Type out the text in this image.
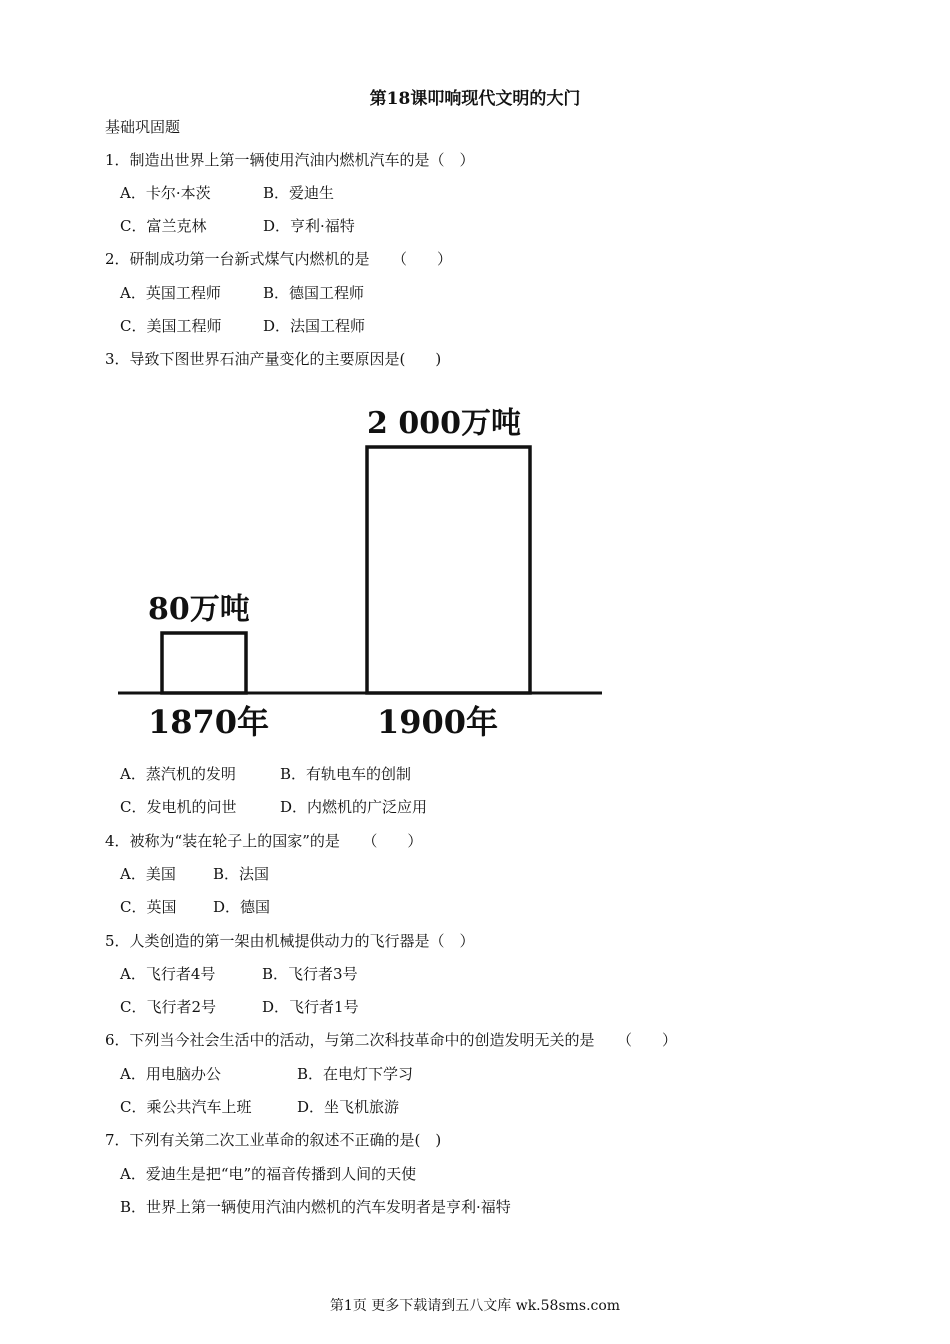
第18课叩响现代文明的大门
基础巩固题
1．制造出世界上第一辆使用汽油内燃机汽车的是（　）
A．卡尔·本茨	B．爱迪生
C．富兰克林	D．亨利·福特
2．研制成功第一台新式煤气内燃机的是　　（　　）
A．英国工程师	B．德国工程师
C．美国工程师	D．法国工程师
3．导致下图世界石油产量变化的主要原因是(　　)
80万吨
1870年
2 000万吨
1900年
A．蒸汽机的发明	B．有轨电车的创制
C．发电机的问世	D．内燃机的广泛应用
4．被称为“装在轮子上的国家”的是　　（　　）
A．美国 B．法国
C．英国 D．德国
5．人类创造的第一架由机械提供动力的飞行器是（　）
A．飞行者4号	B．飞行者3号
C．飞行者2号	D．飞行者1号
6．下列当今社会生活中的活动，与第二次科技革命中的创造发明无关的是　　（　　）
A．用电脑办公	B．在电灯下学习
C．乘公共汽车上班	D．坐飞机旅游
7．下列有关第二次工业革命的叙述不正确的是(　)
A．爱迪生是把“电”的福音传播到人间的天使
B．世界上第一辆使用汽油内燃机的汽车发明者是亨利·福特
第1页 更多下载请到五八文库 wk.58sms.com
